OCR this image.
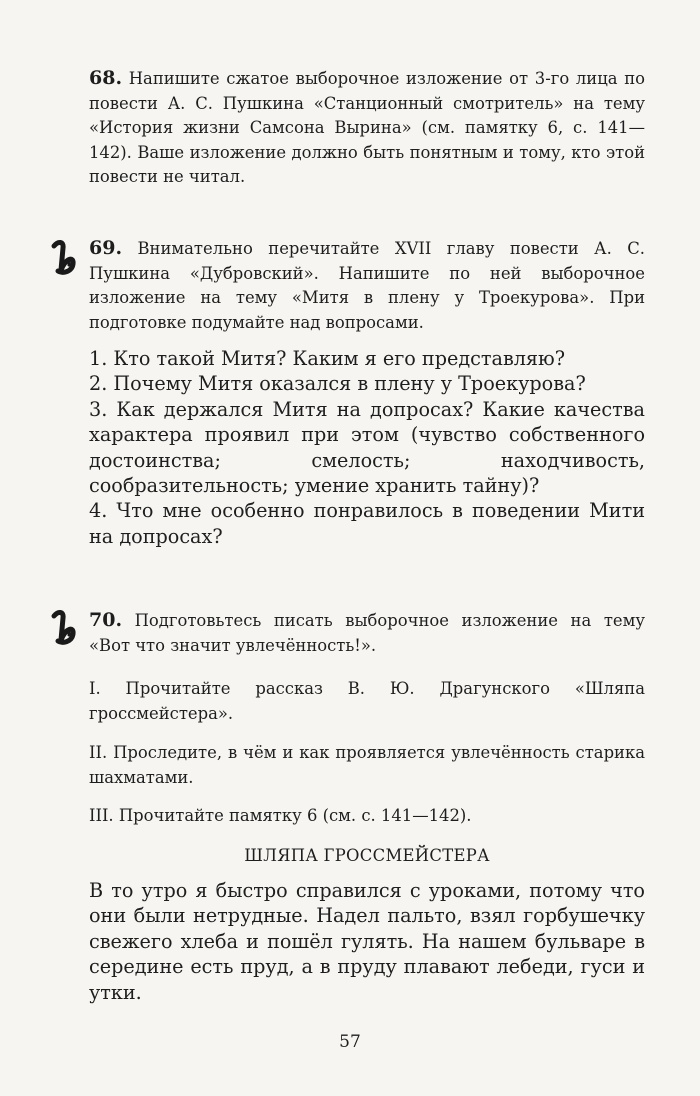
68. Напишите сжатое выборочное изложение от 3-го лица по повести А. С. Пушкина «Станционный смотритель» на тему «История жизни Самсона Вырина» (см. памятку 6, с. 141—142). Ваше изложение должно быть понятным и тому, кто этой повести не читал.

69. Внимательно перечитайте XVII главу повести А. С. Пушкина «Дубровский». Напишите по ней выборочное изложение на тему «Митя в плену у Троекурова». При подготовке подумайте над вопросами.

1. Кто такой Митя? Каким я его представляю?

2. Почему Митя оказался в плену у Троекурова?

3. Как держался Митя на допросах? Какие качества характера проявил при этом (чувство собственного достоинства; смелость; находчивость, сообразительность; умение хранить тайну)?

4. Что мне особенно понравилось в поведении Мити на допросах?

70. Подготовьтесь писать выборочное изложение на тему «Вот что значит увлечённость!».

I. Прочитайте рассказ В. Ю. Драгунского «Шляпа гроссмейстера».

II. Проследите, в чём и как проявляется увлечённость старика шахматами.

III. Прочитайте памятку 6 (см. с. 141—142).

ШЛЯПА ГРОССМЕЙСТЕРА

В то утро я быстро справился с уроками, потому что они были нетрудные. Надел пальто, взял горбушечку свежего хлеба и пошёл гулять. На нашем бульваре в середине есть пруд, а в пруду плавают лебеди, гуси и утки.

57
